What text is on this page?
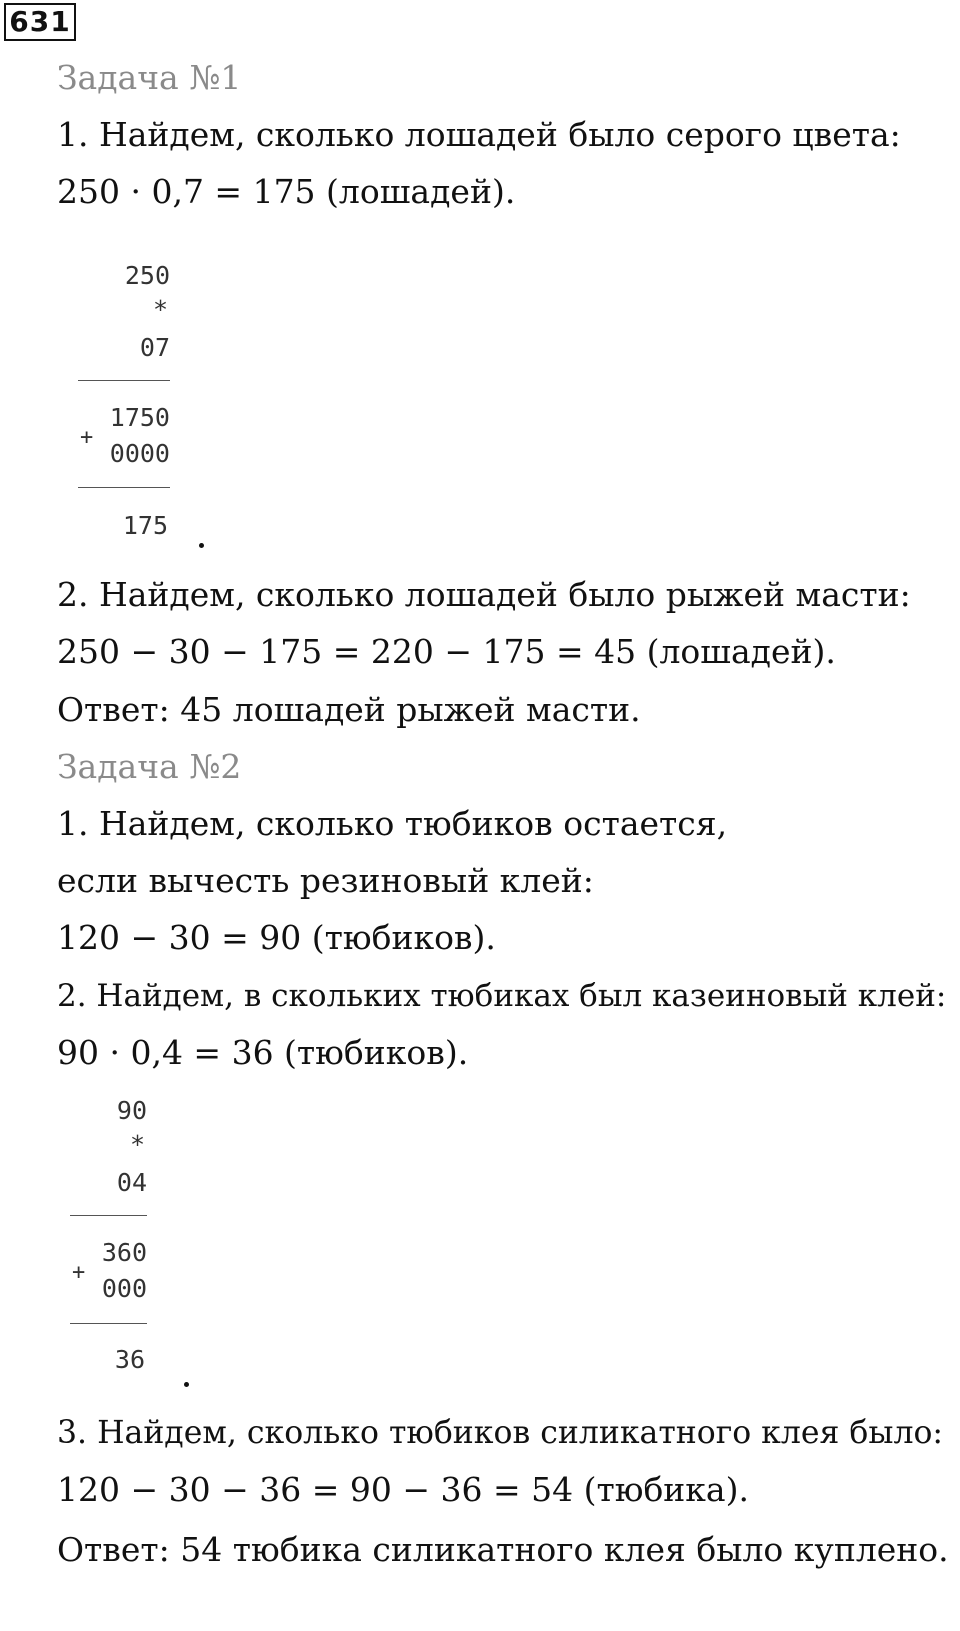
631
Задача №1
1. Найдем, сколько лошадей было серого цвета:
250 · 0,7 = 175 (лошадей).
250
*
07
1750
+
0000
175
2. Найдем, сколько лошадей было рыжей масти:
250 − 30 − 175 = 220 − 175 = 45 (лошадей).
Ответ: 45 лошадей рыжей масти.
Задача №2
1. Найдем, сколько тюбиков остается,
если вычесть резиновый клей:
120 − 30 = 90 (тюбиков).
2. Найдем, в скольких тюбиках был казеиновый клей:
90 · 0,4 = 36 (тюбиков).
90
*
04
360
+
000
36
3. Найдем, сколько тюбиков силикатного клея было:
120 − 30 − 36 = 90 − 36 = 54 (тюбика).
Ответ: 54 тюбика силикатного клея было куплено.
